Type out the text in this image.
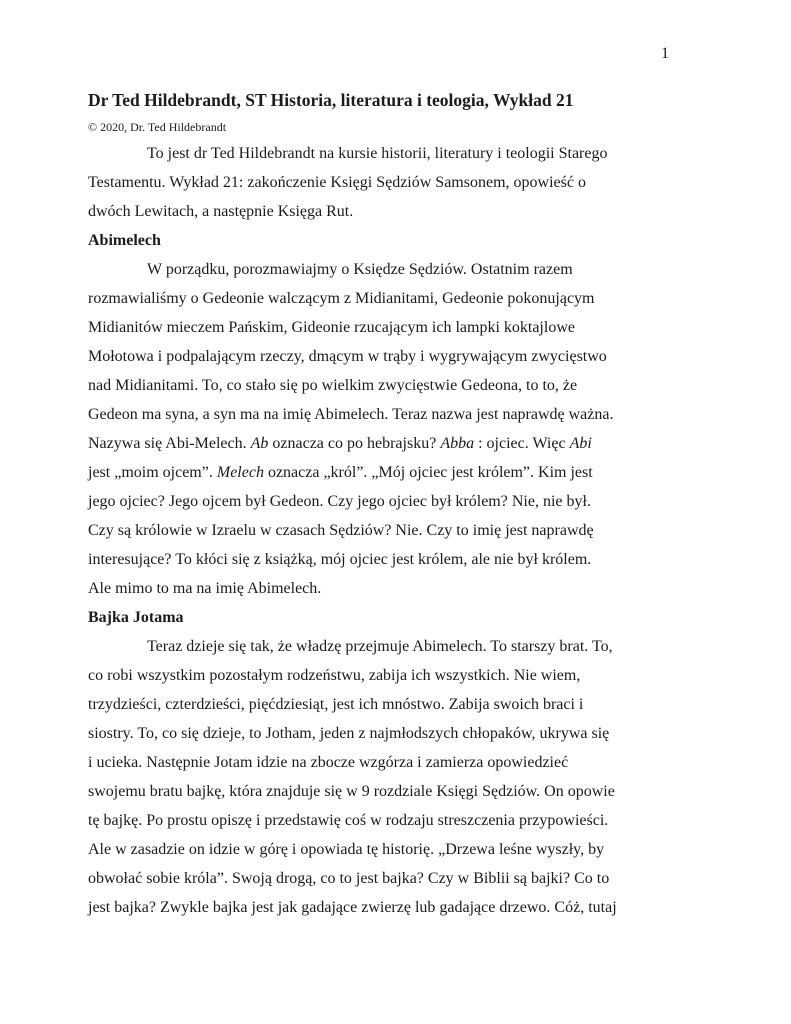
1
Dr Ted Hildebrandt, ST Historia, literatura i teologia, Wykład 21
© 2020, Dr. Ted Hildebrandt
To jest dr Ted Hildebrandt na kursie historii, literatury i teologii Starego
Testamentu. Wykład 21: zakończenie Księgi Sędziów Samsonem, opowieść o
dwóch Lewitach, a następnie Księga Rut.
Abimelech
W porządku, porozmawiajmy o Księdze Sędziów. Ostatnim razem
rozmawialiśmy o Gedeonie walczącym z Midianitami, Gedeonie pokonującym
Midianitów mieczem Pańskim, Gideonie rzucającym ich lampki koktajlowe
Mołotowa i podpalającym rzeczy, dmącym w trąby i wygrywającym zwycięstwo
nad Midianitami. To, co stało się po wielkim zwycięstwie Gedeona, to to, że
Gedeon ma syna, a syn ma na imię Abimelech. Teraz nazwa jest naprawdę ważna.
Nazywa się Abi-Melech. Ab oznacza co po hebrajsku? Abba : ojciec. Więc Abi
jest „moim ojcem”. Melech oznacza „król”. „Mój ojciec jest królem”. Kim jest
jego ojciec? Jego ojcem był Gedeon. Czy jego ojciec był królem? Nie, nie był.
Czy są królowie w Izraelu w czasach Sędziów? Nie. Czy to imię jest naprawdę
interesujące? To kłóci się z książką, mój ojciec jest królem, ale nie był królem.
Ale mimo to ma na imię Abimelech.
Bajka Jotama
Teraz dzieje się tak, że władzę przejmuje Abimelech. To starszy brat. To,
co robi wszystkim pozostałym rodzeństwu, zabija ich wszystkich. Nie wiem,
trzydzieści, czterdzieści, pięćdziesiąt, jest ich mnóstwo. Zabija swoich braci i
siostry. To, co się dzieje, to Jotham, jeden z najmłodszych chłopaków, ukrywa się
i ucieka. Następnie Jotam idzie na zbocze wzgórza i zamierza opowiedzieć
swojemu bratu bajkę, która znajduje się w 9 rozdziale Księgi Sędziów. On opowie
tę bajkę. Po prostu opiszę i przedstawię coś w rodzaju streszczenia przypowieści.
Ale w zasadzie on idzie w górę i opowiada tę historię. „Drzewa leśne wyszły, by
obwołać sobie króla”. Swoją drogą, co to jest bajka? Czy w Biblii są bajki? Co to
jest bajka? Zwykle bajka jest jak gadające zwierzę lub gadające drzewo. Cóż, tutaj
